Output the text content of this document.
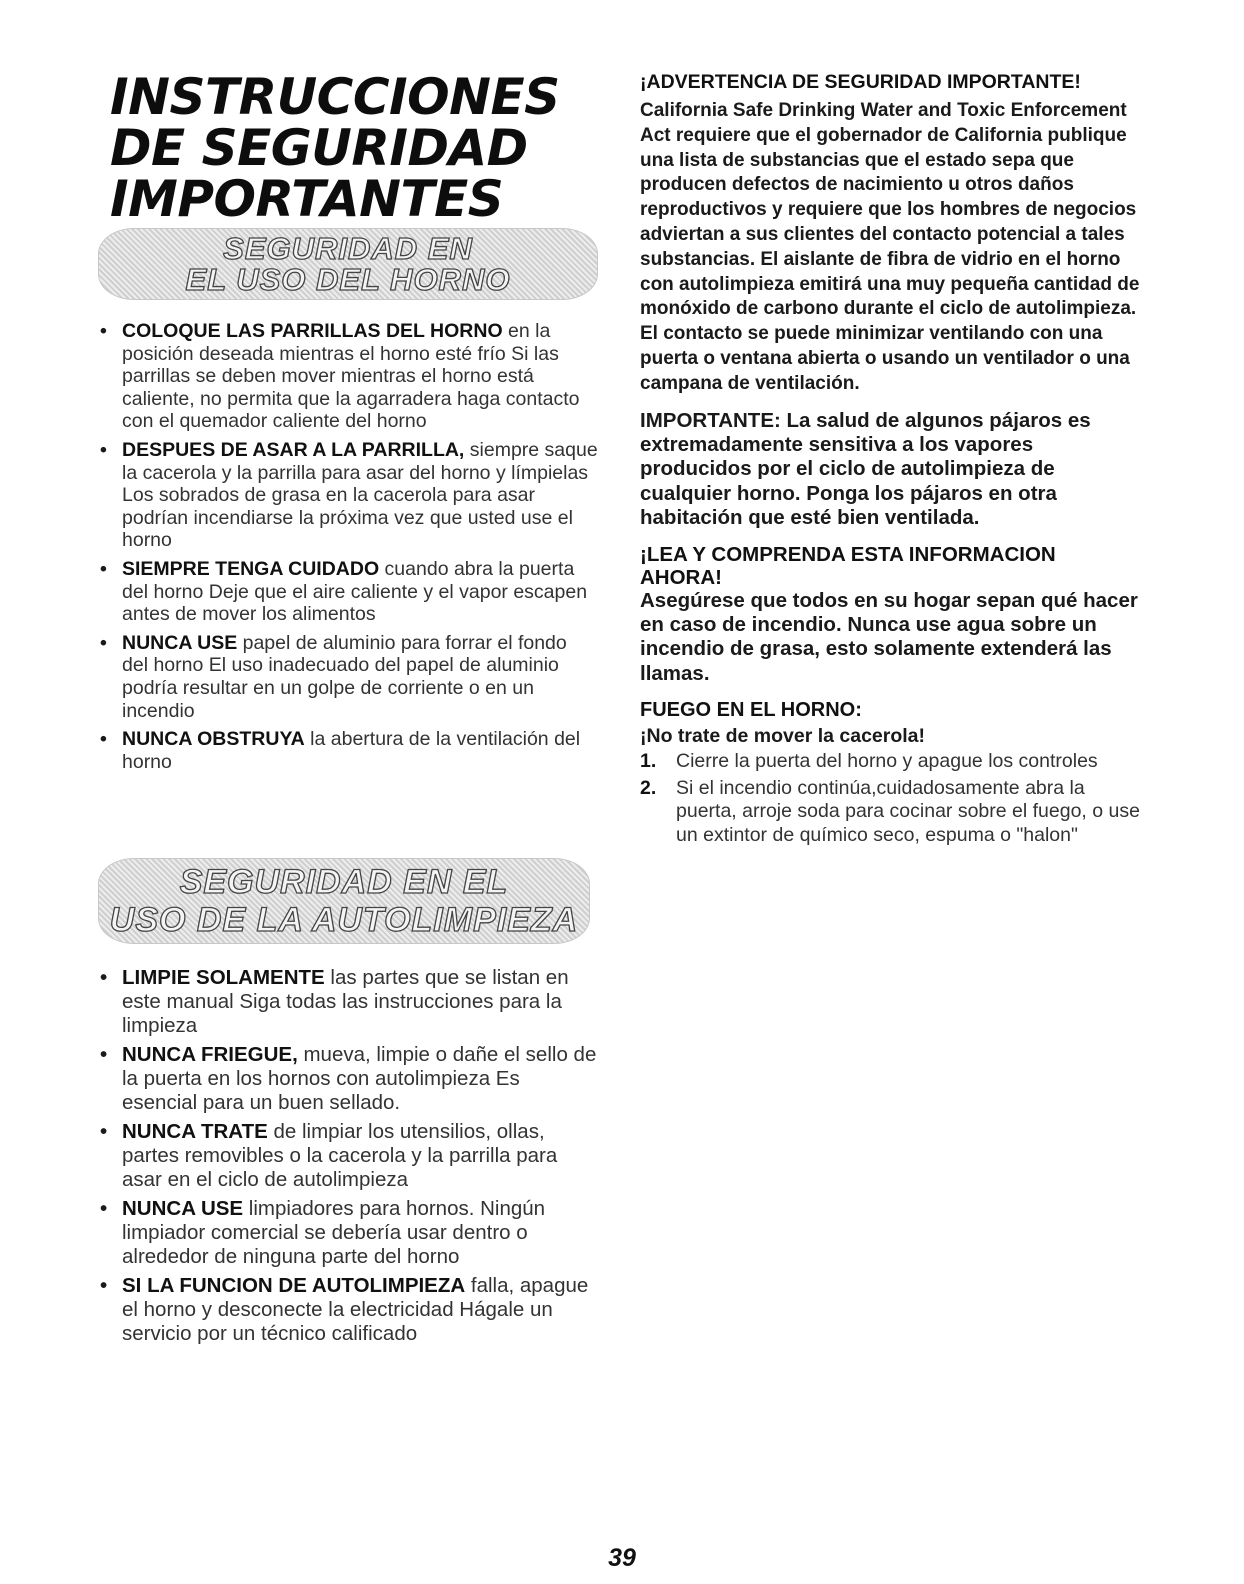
INSTRUCCIONES
DE SEGURIDAD
IMPORTANTES
SEGURIDAD EN
EL USO DEL HORNO
• COLOQUE LAS PARRILLAS DEL HORNO en la posición deseada mientras el horno esté frío Si las parrillas se deben mover mientras el horno está caliente, no permita que la agarradera haga contacto con el quemador caliente del horno
• DESPUES DE ASAR A LA PARRILLA, siempre saque la cacerola y la parrilla para asar del horno y límpielas Los sobrados de grasa en la cacerola para asar podrían incendiarse la próxima vez que usted use el horno
• SIEMPRE TENGA CUIDADO cuando abra la puerta del horno Deje que el aire caliente y el vapor escapen antes de mover los alimentos
• NUNCA USE papel de aluminio para forrar el fondo del horno El uso inadecuado del papel de aluminio podría resultar en un golpe de corriente o en un incendio
• NUNCA OBSTRUYA la abertura de la ventilación del horno
SEGURIDAD EN EL
USO DE LA AUTOLIMPIEZA
• LIMPIE SOLAMENTE las partes que se listan en este manual Siga todas las instrucciones para la limpieza
• NUNCA FRIEGUE, mueva, limpie o dañe el sello de la puerta en los hornos con autolimpieza Es esencial para un buen sellado.
• NUNCA TRATE de limpiar los utensilios, ollas, partes removibles o la cacerola y la parrilla para asar en el ciclo de autolimpieza
• NUNCA USE limpiadores para hornos. Ningún limpiador comercial se debería usar dentro o alrededor de ninguna parte del horno
• SI LA FUNCION DE AUTOLIMPIEZA falla, apague el horno y desconecte la electricidad Hágale un servicio por un técnico calificado

¡ADVERTENCIA DE SEGURIDAD IMPORTANTE!

California Safe Drinking Water and Toxic Enforcement Act requiere que el gobernador de California publique una lista de substancias que el estado sepa que producen defectos de nacimiento u otros daños reproductivos y requiere que los hombres de negocios adviertan a sus clientes del contacto potencial a tales substancias. El aislante de fibra de vidrio en el horno con autolimpieza emitirá una muy pequeña cantidad de monóxido de carbono durante el ciclo de autolimpieza. El contacto se puede minimizar ventilando con una puerta o ventana abierta o usando un ventilador o una campana de ventilación.

IMPORTANTE: La salud de algunos pájaros es extremadamente sensitiva a los vapores producidos por el ciclo de autolimpieza de cualquier horno. Ponga los pájaros en otra habitación que esté bien ventilada.

¡LEA Y COMPRENDA ESTA INFORMACION AHORA!

Asegúrese que todos en su hogar sepan qué hacer en caso de incendio. Nunca use agua sobre un incendio de grasa, esto solamente extenderá las llamas.

FUEGO EN EL HORNO:

¡No trate de mover la cacerola!

1. Cierre la puerta del horno y apague los controles
2. Si el incendio continúa,cuidadosamente abra la puerta, arroje soda para cocinar sobre el fuego, o use un extintor de químico seco, espuma o "halon"
39
